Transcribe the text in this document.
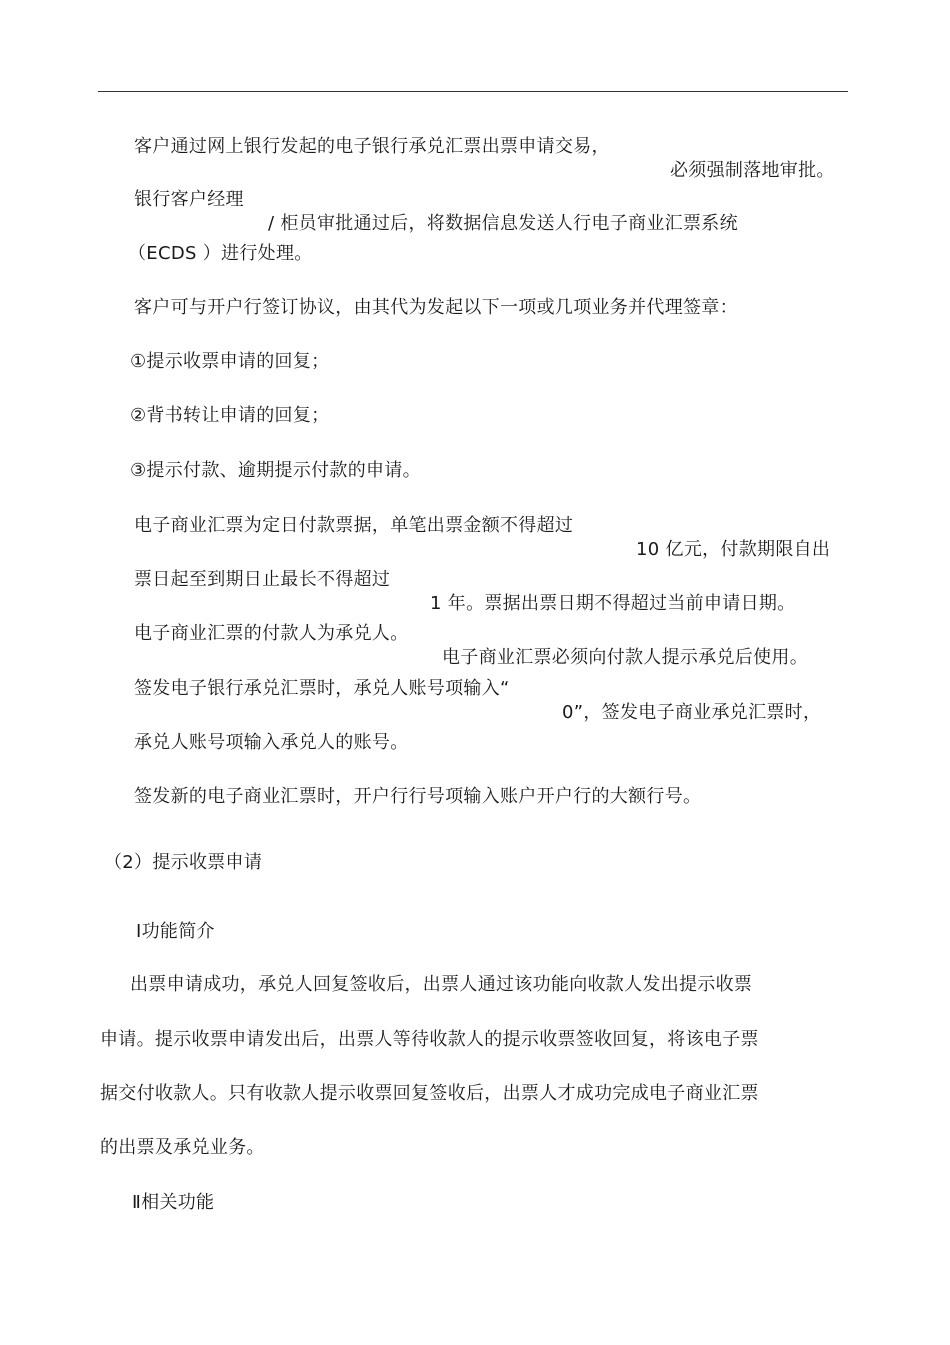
客户通过网上银行发起的电子银行承兑汇票出票申请交易，

必须强制落地审批。

银行客户经理

/ 柜员审批通过后，将数据信息发送人行电子商业汇票系统

（ECDS ）进行处理。

客户可与开户行签订协议，由其代为发起以下一项或几项业务并代理签章：

①提示收票申请的回复；

②背书转让申请的回复；

③提示付款、逾期提示付款的申请。

电子商业汇票为定日付款票据，单笔出票金额不得超过

10 亿元，付款期限自出

票日起至到期日止最长不得超过

1 年。票据出票日期不得超过当前申请日期。

电子商业汇票的付款人为承兑人。

电子商业汇票必须向付款人提示承兑后使用。

签发电子银行承兑汇票时，承兑人账号项输入“

0”，签发电子商业承兑汇票时，

承兑人账号项输入承兑人的账号。

签发新的电子商业汇票时，开户行行号项输入账户开户行的大额行号。

（2）提示收票申请

Ⅰ功能简介

出票申请成功，承兑人回复签收后，出票人通过该功能向收款人发出提示收票

申请。提示收票申请发出后，出票人等待收款人的提示收票签收回复，将该电子票

据交付收款人。只有收款人提示收票回复签收后，出票人才成功完成电子商业汇票

的出票及承兑业务。

Ⅱ相关功能
